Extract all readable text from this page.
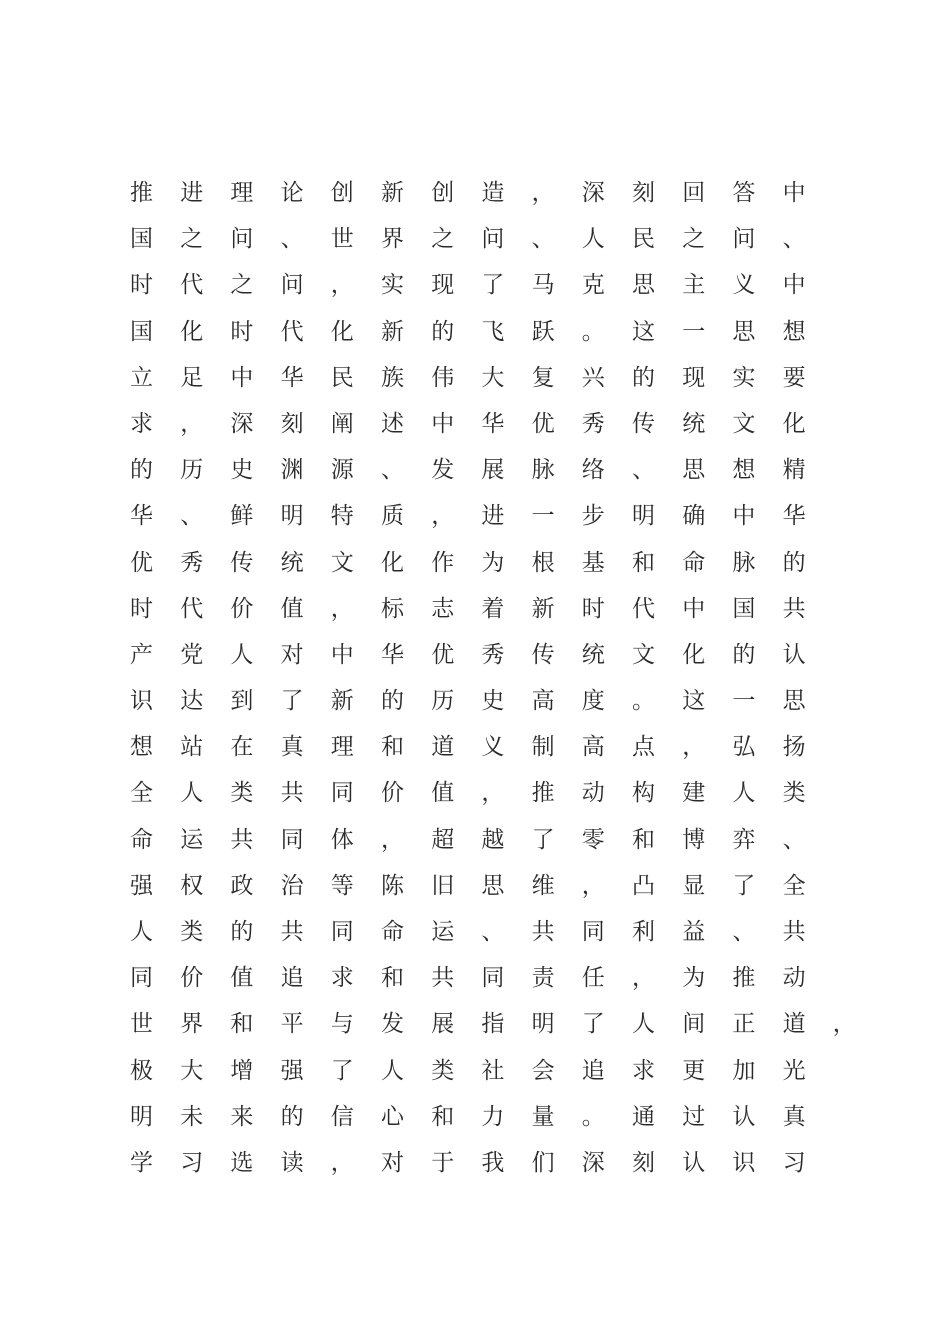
推进理论创新创造，深刻回答中
国之问、世界之问、人民之问、
时代之问，实现了马克思主义中
国化时代化新的飞跃。这一思想
立足中华民族伟大复兴的现实要
求，深刻阐述中华优秀传统文化
的历史渊源、发展脉络、思想精
华、鲜明特质，进一步明确中华
优秀传统文化作为根基和命脉的
时代价值，标志着新时代中国共
产党人对中华优秀传统文化的认
识达到了新的历史高度。这一思
想站在真理和道义制高点，弘扬
全人类共同价值，推动构建人类
命运共同体，超越了零和博弈、
强权政治等陈旧思维，凸显了全
人类的共同命运、共同利益、共
同价值追求和共同责任，为推动
世界和平与发展指明了人间正道，
极大增强了人类社会追求更加光
明未来的信心和力量。通过认真
学习选读，对于我们深刻认识习
